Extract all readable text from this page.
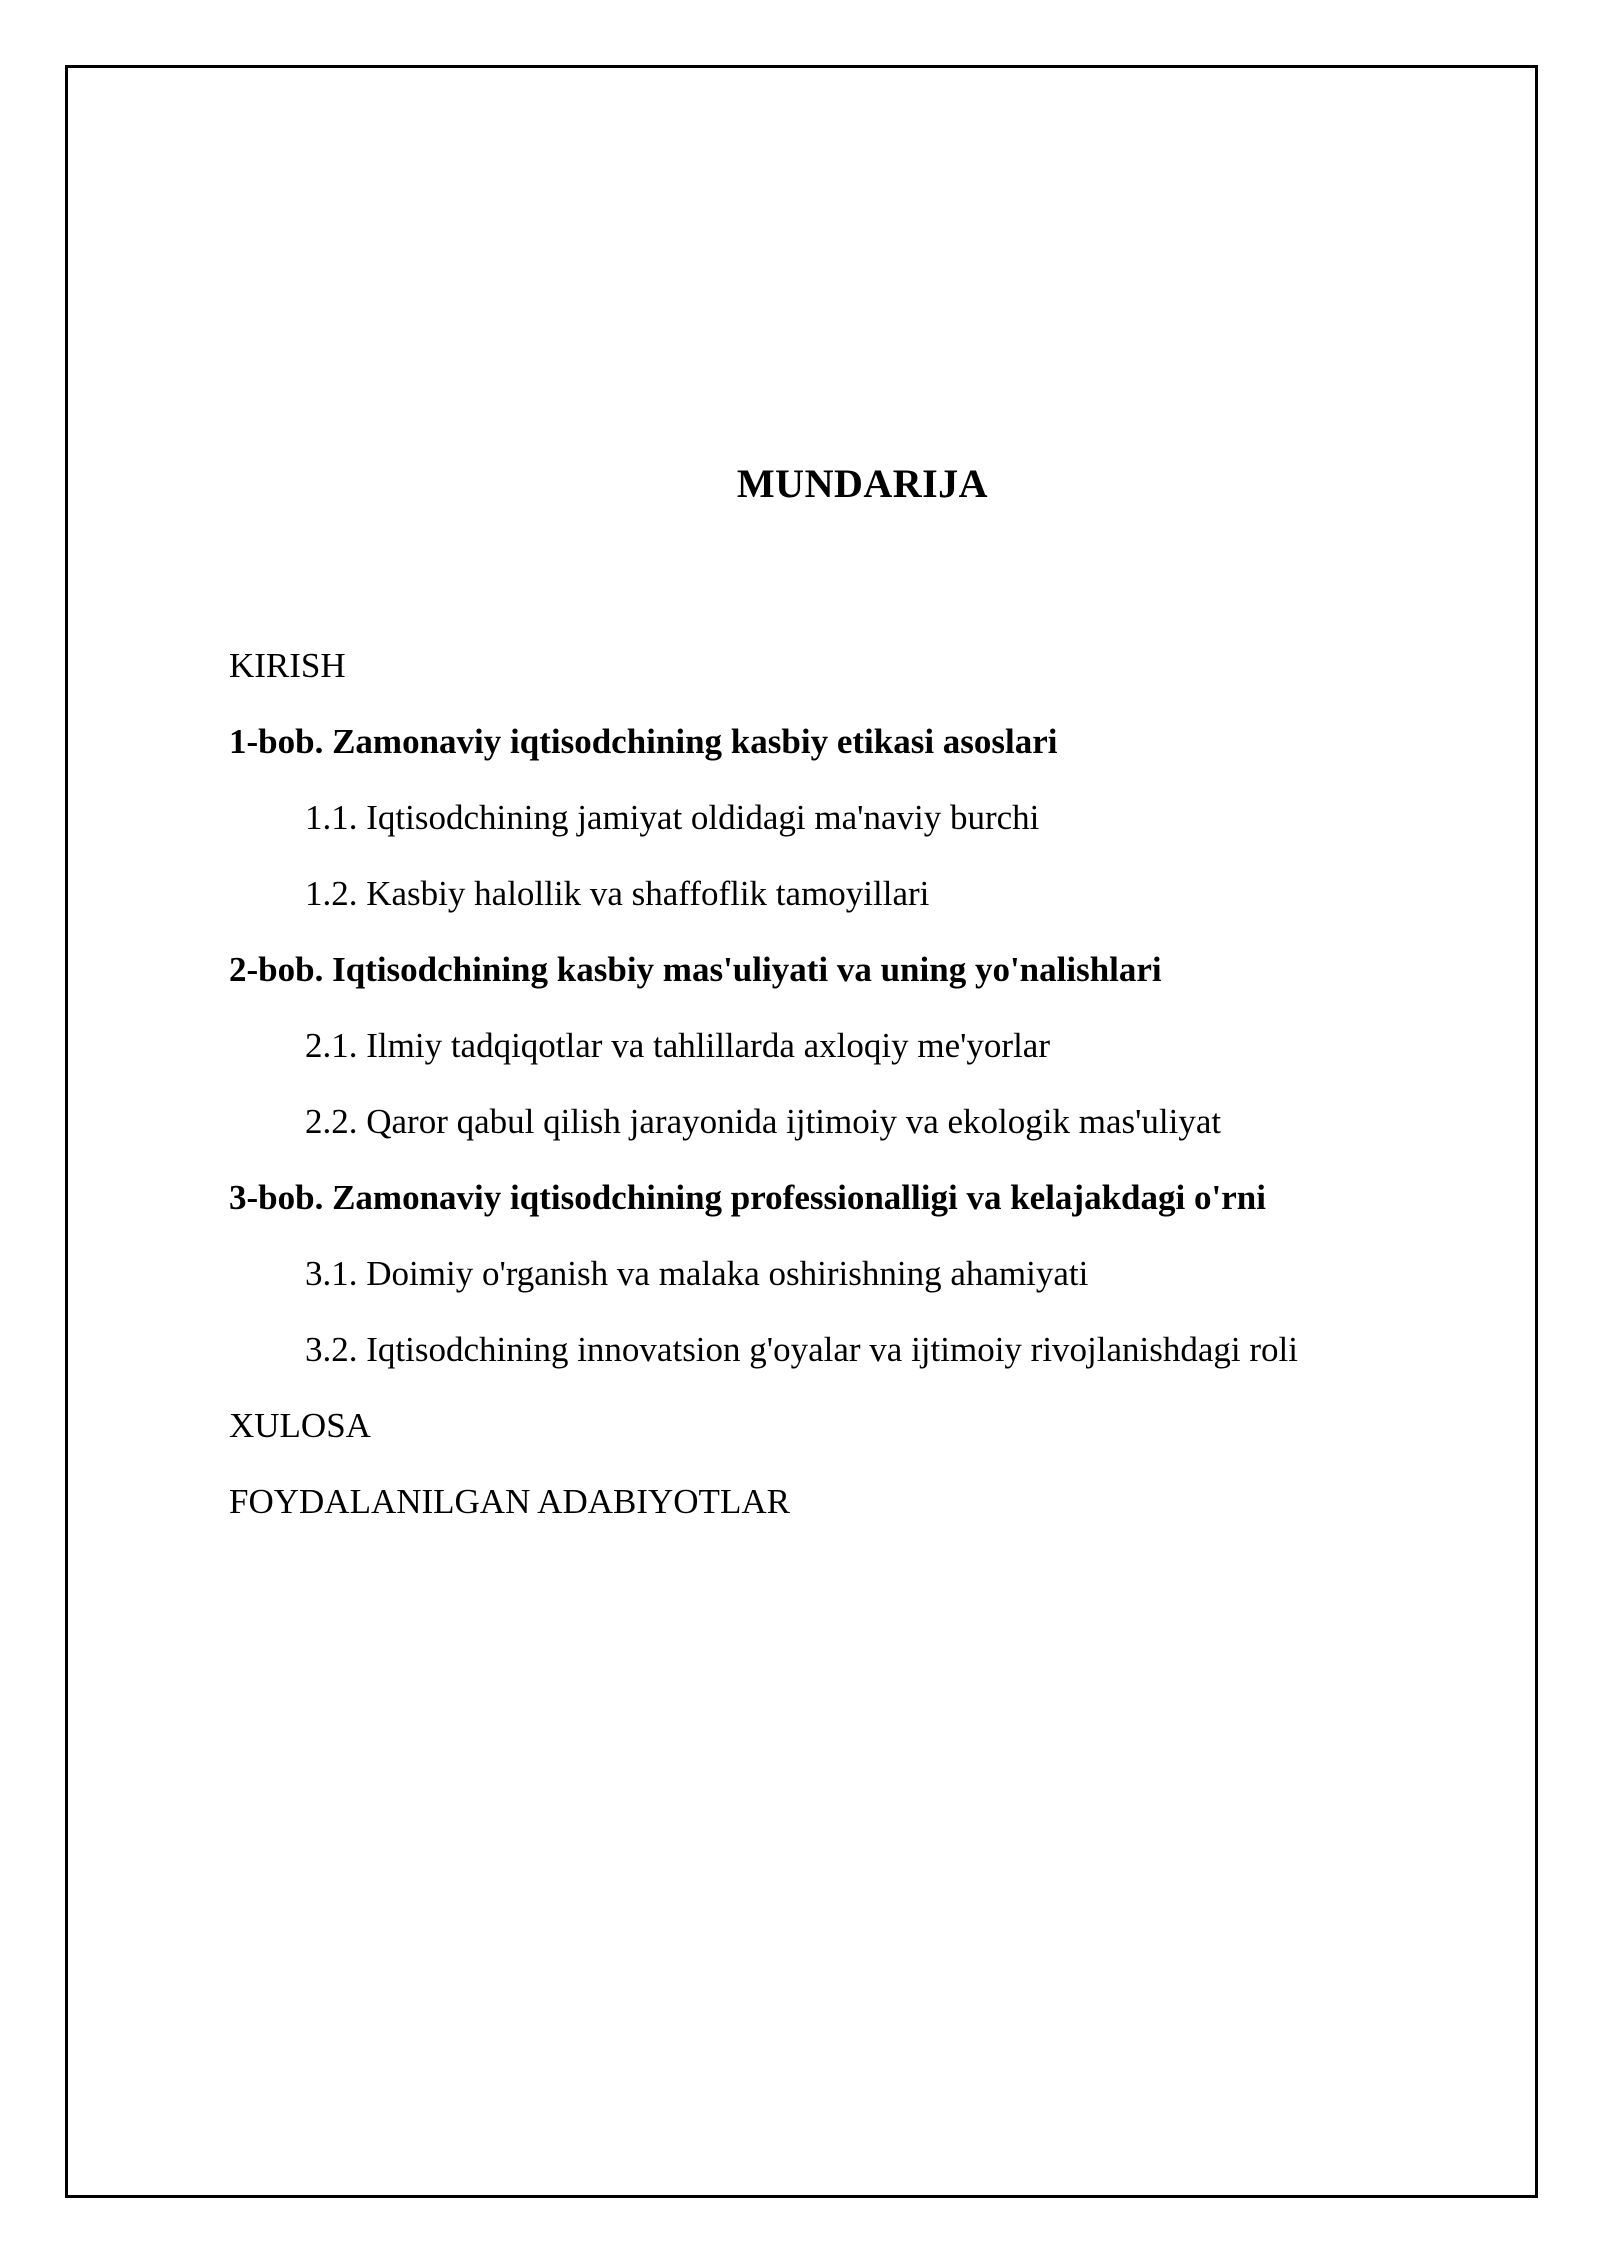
MUNDARIJA
KIRISH
1-bob. Zamonaviy iqtisodchining kasbiy etikasi asoslari
1.1. Iqtisodchining jamiyat oldidagi ma'naviy burchi
1.2. Kasbiy halollik va shaffoflik tamoyillari
2-bob. Iqtisodchining kasbiy mas'uliyati va uning yo'nalishlari
2.1. Ilmiy tadqiqotlar va tahlillarda axloqiy me'yorlar
2.2. Qaror qabul qilish jarayonida ijtimoiy va ekologik mas'uliyat
3-bob. Zamonaviy iqtisodchining professionalligi va kelajakdagi o'rni
3.1. Doimiy o'rganish va malaka oshirishning ahamiyati
3.2. Iqtisodchining innovatsion g'oyalar va ijtimoiy rivojlanishdagi roli
XULOSA
FOYDALANILGAN ADABIYOTLAR
